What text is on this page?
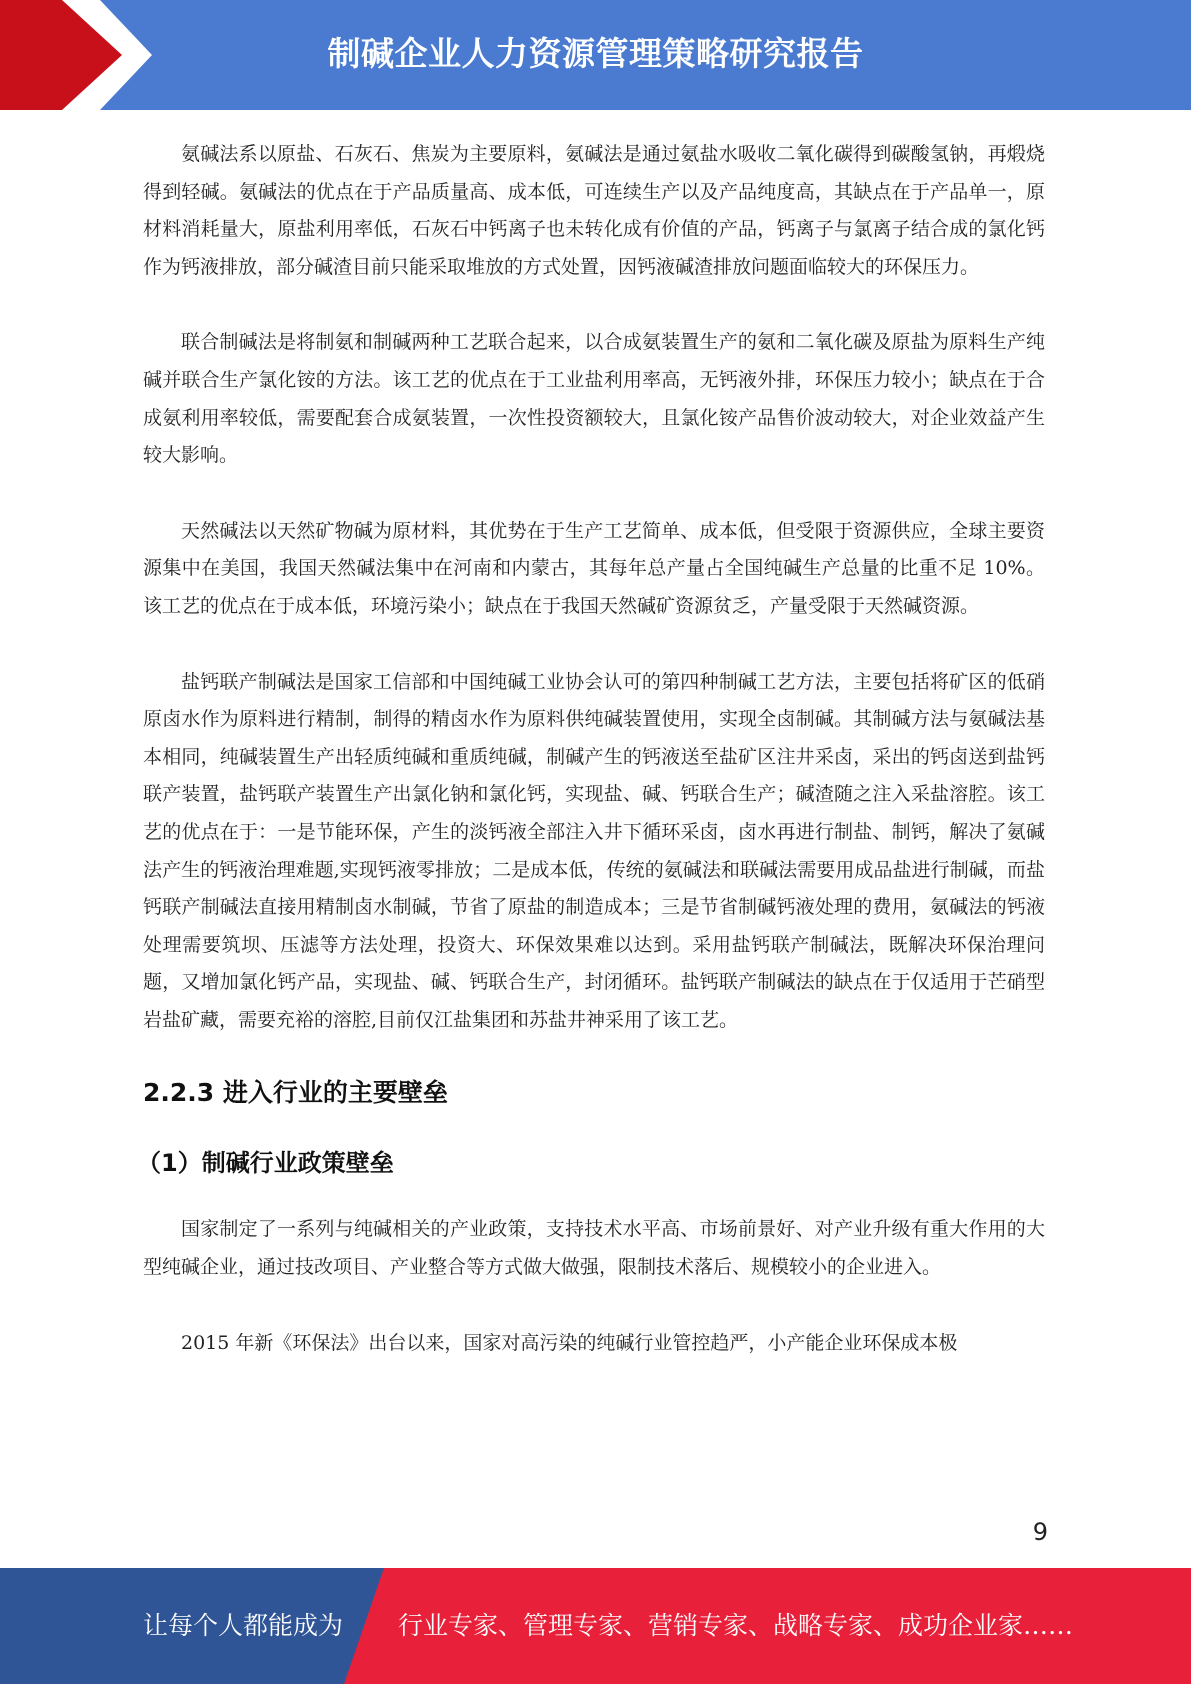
制碱企业人力资源管理策略研究报告

氨碱法系以原盐、石灰石、焦炭为主要原料，氨碱法是通过氨盐水吸收二氧化碳得到碳酸氢钠，再煅烧得到轻碱。氨碱法的优点在于产品质量高、成本低，可连续生产以及产品纯度高，其缺点在于产品单一，原材料消耗量大，原盐利用率低，石灰石中钙离子也未转化成有价值的产品，钙离子与氯离子结合成的氯化钙作为钙液排放，部分碱渣目前只能采取堆放的方式处置，因钙液碱渣排放问题面临较大的环保压力。

联合制碱法是将制氨和制碱两种工艺联合起来，以合成氨装置生产的氨和二氧化碳及原盐为原料生产纯碱并联合生产氯化铵的方法。该工艺的优点在于工业盐利用率高，无钙液外排，环保压力较小；缺点在于合成氨利用率较低，需要配套合成氨装置，一次性投资额较大，且氯化铵产品售价波动较大，对企业效益产生较大影响。

天然碱法以天然矿物碱为原材料，其优势在于生产工艺简单、成本低，但受限于资源供应，全球主要资源集中在美国，我国天然碱法集中在河南和内蒙古，其每年总产量占全国纯碱生产总量的比重不足 10%。该工艺的优点在于成本低，环境污染小；缺点在于我国天然碱矿资源贫乏，产量受限于天然碱资源。

盐钙联产制碱法是国家工信部和中国纯碱工业协会认可的第四种制碱工艺方法，主要包括将矿区的低硝原卤水作为原料进行精制，制得的精卤水作为原料供纯碱装置使用，实现全卤制碱。其制碱方法与氨碱法基本相同，纯碱装置生产出轻质纯碱和重质纯碱，制碱产生的钙液送至盐矿区注井采卤，采出的钙卤送到盐钙联产装置，盐钙联产装置生产出氯化钠和氯化钙，实现盐、碱、钙联合生产；碱渣随之注入采盐溶腔。该工艺的优点在于：一是节能环保，产生的淡钙液全部注入井下循环采卤，卤水再进行制盐、制钙，解决了氨碱法产生的钙液治理难题,实现钙液零排放；二是成本低，传统的氨碱法和联碱法需要用成品盐进行制碱，而盐钙联产制碱法直接用精制卤水制碱，节省了原盐的制造成本；三是节省制碱钙液处理的费用，氨碱法的钙液处理需要筑坝、压滤等方法处理，投资大、环保效果难以达到。采用盐钙联产制碱法，既解决环保治理问题，又增加氯化钙产品，实现盐、碱、钙联合生产，封闭循环。盐钙联产制碱法的缺点在于仅适用于芒硝型岩盐矿藏，需要充裕的溶腔,目前仅江盐集团和苏盐井神采用了该工艺。

2.2.3 进入行业的主要壁垒
（1）制碱行业政策壁垒

国家制定了一系列与纯碱相关的产业政策，支持技术水平高、市场前景好、对产业升级有重大作用的大型纯碱企业，通过技改项目、产业整合等方式做大做强，限制技术落后、规模较小的企业进入。

2015 年新《环保法》出台以来，国家对高污染的纯碱行业管控趋严，小产能企业环保成本极

9
让每个人都能成为 行业专家、管理专家、营销专家、战略专家、成功企业家……
